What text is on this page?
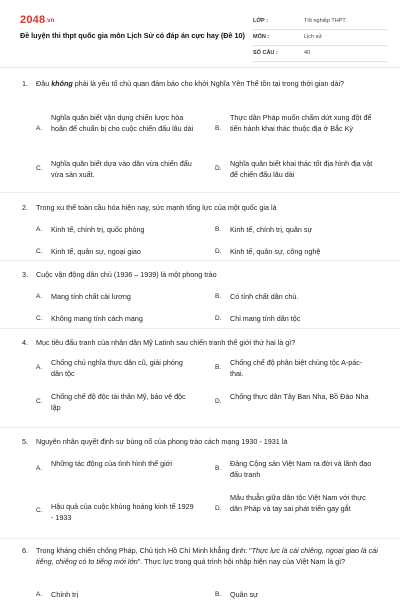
2048.vn
Đề luyện thi thpt quốc gia môn Lịch Sử có đáp án cực hay (Đề 10)
LỚP :	Tốt nghiệp THPT
MÔN :	Lịch sử
SỐ CÂU :	40
1. Đâu không phải là yếu tố chủ quan đảm bảo cho khởi Nghĩa Yên Thế tồn tại trong thời gian dài?
A.
Nghĩa quân biết vận dụng chiến lược hòa hoãn để chuẩn bị cho cuộc chiến đấu lâu dài	B.
Thực dân Pháp muốn chấm dứt xung đột để tiến hành khai thác thuộc địa ở Bắc Kỳ
C.
Nghĩa quân biết dựa vào dân vừa chiến đấu vừa sản xuất.
D.
Nghĩa quân biết khai thác tốt địa hình địa vật để chiến đấu lâu dài
2. Trong xu thế toàn cầu hóa hiện nay, sức mạnh tổng lực của một quốc gia là
A.	Kinh tế, chính trị, quốc phòng	B.	Kinh tế, chính trị, quân sự
C.	Kinh tế, quân sự, ngoại giao	D.	Kinh tế, quân sự, công nghệ
3. Cuộc vận động dân chủ (1936 – 1939) là một phong trào
A.	Mang tính chất cải lương	B.	Có tính chất dân chủ.
C.	Không mang tính cách mạng	D.	Chỉ mang tính dân tộc
4. Mục tiêu đấu tranh của nhân dân Mỹ Latinh sau chiến tranh thế giới thứ hai là gì?
A.
Chống chủ nghĩa thực dân cũ, giải phóng dân tộc
B.
Chống chế độ phân biệt chủng tộc A-pác-thai.
C.
Chống chế độ độc tài thân Mỹ, bảo vệ độc lập
D.
Chống thực dân Tây Ban Nha, Bồ Đào Nha
5. Nguyên nhân quyết định sự bùng nổ của phong trào cách mạng 1930 - 1931 là
A.
Những tác động của tình hình thế giới
B.
Đảng Cộng sản Việt Nam ra đời và lãnh đạo đấu tranh
C.	Hậu quả của cuộc khủng hoảng kinh tế 1929 - 1933
D.
Mâu thuẫn giữa dân tộc Việt Nam với thực dân Pháp và tay sai phát triển gay gắt
6. Trong kháng chiến chống Pháp, Chủ tịch Hồ Chí Minh khẳng định: "Thực lực là cái chiêng, ngoại giao là cái tiếng, chiêng có to tiếng mới lớn". Thực lực trong quá trình hội nhập hiện nay của Việt Nam là gì?
A.	Chính trị	B.	Quân sự
